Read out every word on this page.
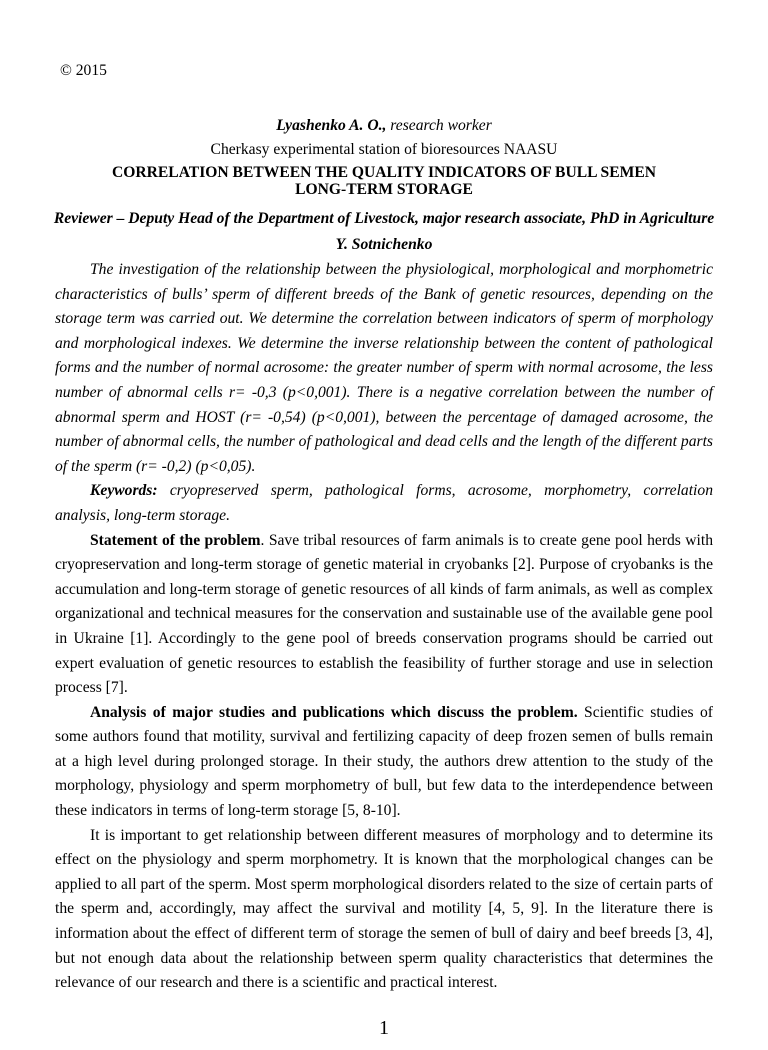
© 2015
Lyashenko A. O., research worker
Cherkasy experimental station of bioresources NAASU
CORRELATION BETWEEN THE QUALITY INDICATORS OF BULL SEMEN
LONG-TERM STORAGE
Reviewer – Deputy Head of the Department of Livestock, major research associate, PhD in Agriculture
Y. Sotnichenko

The investigation of the relationship between the physiological, morphological and morphometric characteristics of bulls’ sperm of different breeds of the Bank of genetic resources, depending on the storage term was carried out. We determine the correlation between indicators of sperm of morphology and morphological indexes. We determine the inverse relationship between the content of pathological forms and the number of normal acrosome: the greater number of sperm with normal acrosome, the less number of abnormal cells r= -0,3 (p<0,001). There is a negative correlation between the number of abnormal sperm and HOST (r= -0,54) (p<0,001), between the percentage of damaged acrosome, the number of abnormal cells, the number of pathological and dead cells and the length of the different parts of the sperm (r= -0,2) (p<0,05).

Keywords: cryopreserved sperm, pathological forms, acrosome, morphometry, correlation analysis, long-term storage.

Statement of the problem. Save tribal resources of farm animals is to create gene pool herds with cryopreservation and long-term storage of genetic material in cryobanks [2]. Purpose of cryobanks is the accumulation and long-term storage of genetic resources of all kinds of farm animals, as well as complex organizational and technical measures for the conservation and sustainable use of the available gene pool in Ukraine [1]. Accordingly to the gene pool of breeds conservation programs should be carried out expert evaluation of genetic resources to establish the feasibility of further storage and use in selection process [7].

Analysis of major studies and publications which discuss the problem. Scientific studies of some authors found that motility, survival and fertilizing capacity of deep frozen semen of bulls remain at a high level during prolonged storage. In their study, the authors drew attention to the study of the morphology, physiology and sperm morphometry of bull, but few data to the interdependence between these indicators in terms of long-term storage [5, 8-10].

It is important to get relationship between different measures of morphology and to determine its effect on the physiology and sperm morphometry. It is known that the morphological changes can be applied to all part of the sperm. Most sperm morphological disorders related to the size of certain parts of the sperm and, accordingly, may affect the survival and motility [4, 5, 9]. In the literature there is information about the effect of different term of storage the semen of bull of dairy and beef breeds [3, 4], but not enough data about the relationship between sperm quality characteristics that determines the relevance of our research and there is a scientific and practical interest.

1
